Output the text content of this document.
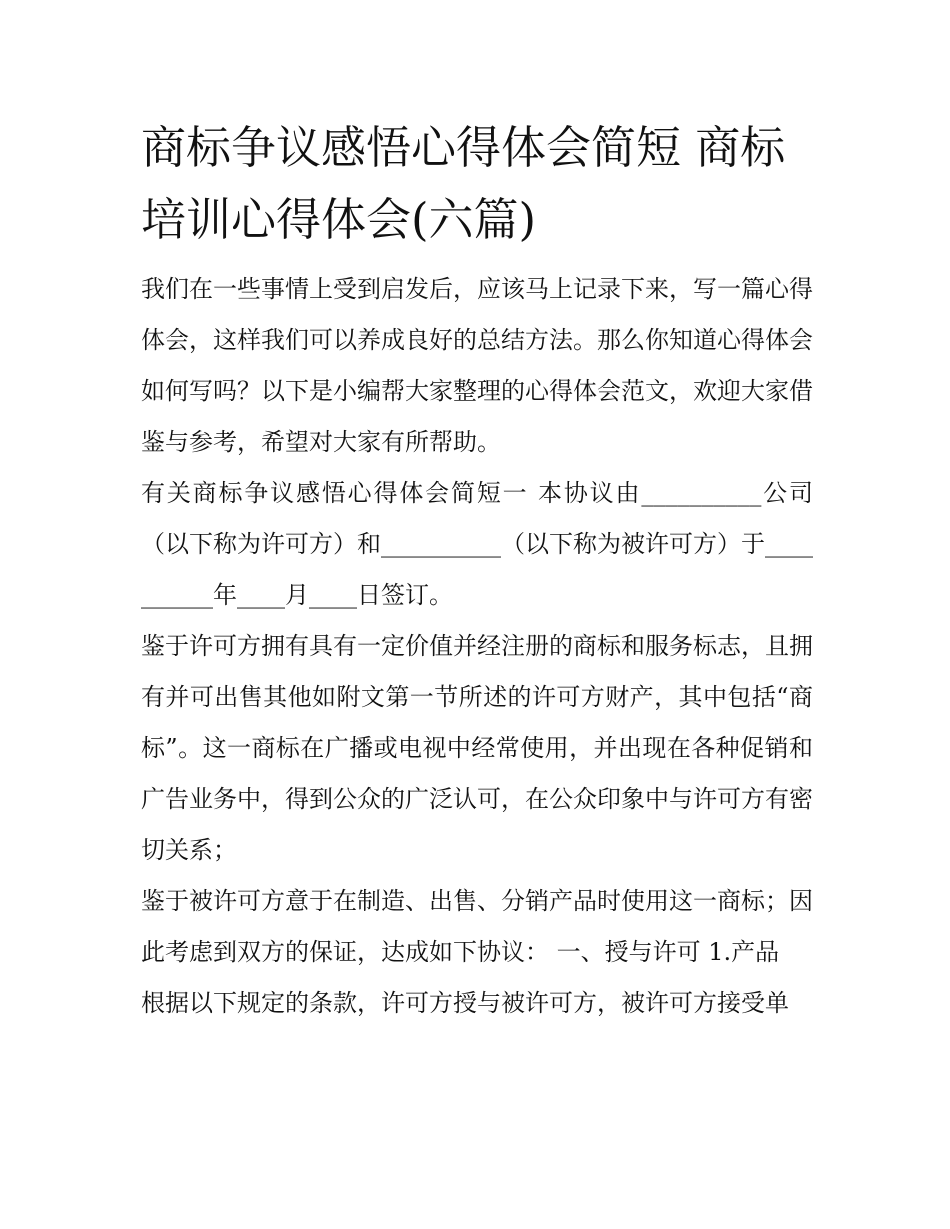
商标争议感悟心得体会简短 商标培训心得体会(六篇)

我们在一些事情上受到启发后，应该马上记录下来，写一篇心得体会，这样我们可以养成良好的总结方法。那么你知道心得体会如何写吗？以下是小编帮大家整理的心得体会范文，欢迎大家借鉴与参考，希望对大家有所帮助。

有关商标争议感悟心得体会简短一 本协议由__________公司（以下称为许可方）和__________（以下称为被许可方）于__________年____月____日签订。

鉴于许可方拥有具有一定价值并经注册的商标和服务标志，且拥有并可出售其他如附文第一节所述的许可方财产，其中包括“商标”。这一商标在广播或电视中经常使用，并出现在各种促销和广告业务中，得到公众的广泛认可，在公众印象中与许可方有密切关系；

鉴于被许可方意于在制造、出售、分销产品时使用这一商标；因此考虑到双方的保证，达成如下协议： 一、授与许可 1.产品

根据以下规定的条款，许可方授与被许可方，被许可方接受单
